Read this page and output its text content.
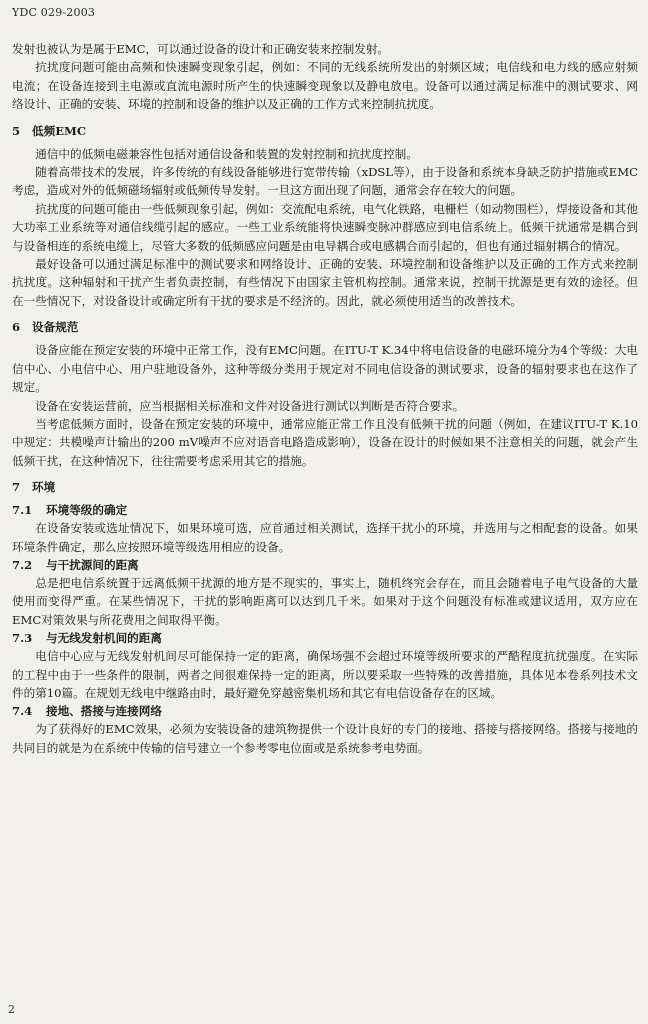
YDC 029-2003

发射也被认为是属于EMC，可以通过设备的设计和正确安装来控制发射。

抗扰度问题可能由高频和快速瞬变现象引起，例如：不同的无线系统所发出的射频区域；电信线和电力线的感应射频电流；在设备连接到主电源或直流电源时所产生的快速瞬变现象以及静电放电。设备可以通过满足标准中的测试要求、网络设计、正确的安装、环境的控制和设备的维护以及正确的工作方式来控制抗扰度。

5 低频EMC

通信中的低频电磁兼容性包括对通信设备和装置的发射控制和抗扰度控制。

随着高带技术的发展，许多传统的有线设备能够进行宽带传输（xDSL等），由于设备和系统本身缺乏防护措施或EMC考虑，造成对外的低频磁场辐射或低频传导发射。一旦这方面出现了问题，通常会存在较大的问题。

抗扰度的问题可能由一些低频现象引起，例如：交流配电系统，电气化铁路，电栅栏（如动物围栏），焊接设备和其他大功率工业系统等对通信线缆引起的感应。一些工业系统能将快速瞬变脉冲群感应到电信系统上。低频干扰通常是耦合到与设备相连的系统电缆上，尽管大多数的低频感应问题是由电导耦合或电感耦合而引起的，但也有通过辐射耦合的情况。

最好设备可以通过满足标准中的测试要求和网络设计、正确的安装、环境控制和设备维护以及正确的工作方式来控制抗扰度。这种辐射和干扰产生者负责控制，有些情况下由国家主管机构控制。通常来说，控制干扰源是更有效的途径。但在一些情况下，对设备设计或确定所有干扰的要求是不经济的。因此，就必须使用适当的改善技术。

6 设备规范

设备应能在预定安装的环境中正常工作，没有EMC问题。在ITU-T K.34中将电信设备的电磁环境分为4个等级：大电信中心、小电信中心、用户驻地设备外，这种等级分类用于规定对不同电信设备的测试要求，设备的辐射要求也在这作了规定。

设备在安装运营前，应当根据相关标准和文件对设备进行测试以判断是否符合要求。

当考虑低频方面时，设备在预定安装的环境中，通常应能正常工作且没有低频干扰的问题（例如，在建议ITU-T K.10中规定：共模噪声计输出的200 mV噪声不应对语音电路造成影响），设备在设计的时候如果不注意相关的问题，就会产生低频干扰，在这种情况下，往往需要考虑采用其它的措施。

7 环境
7.1 环境等级的确定

在设备安装或选址情况下，如果环境可选，应首通过相关测试，选择干扰小的环境，并选用与之相配套的设备。如果环境条件确定，那么应按照环境等级选用相应的设备。

7.2 与干扰源间的距离

总是把电信系统置于远离低频干扰源的地方是不现实的，事实上，随机终究会存在，而且会随着电子电气设备的大量使用而变得严重。在某些情况下，干扰的影响距离可以达到几千米。如果对于这个问题没有标准或建议适用，双方应在EMC对策效果与所花费用之间取得平衡。

7.3 与无线发射机间的距离

电信中心应与无线发射机间尽可能保持一定的距离，确保场强不会超过环境等级所要求的严酷程度抗扰强度。在实际的工程中由于一些条件的限制，两者之间很难保持一定的距离，所以要采取一些特殊的改善措施，具体见本卷系列技术文件的第10篇。在规划无线电中继路由时，最好避免穿越密集机场和其它有电信设备存在的区域。

7.4 接地、搭接与连接网络

为了获得好的EMC效果，必须为安装设备的建筑物提供一个设计良好的专门的接地、搭接与搭接网络。搭接与接地的共同目的就是为在系统中传输的信号建立一个参考零电位面或是系统参考电势面。

2
